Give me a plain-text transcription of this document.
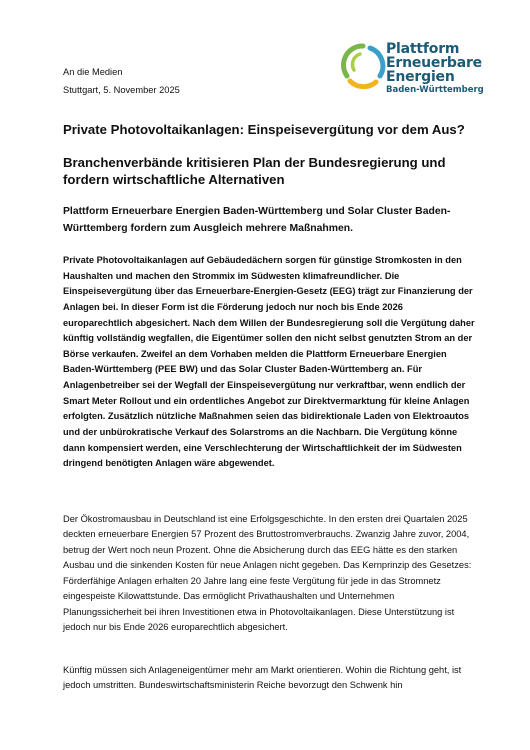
Plattform
Erneuerbare
Energien
Baden-Württemberg
An die Medien
Stuttgart, 5. November 2025
Private Photovoltaikanlagen: Einspeisevergütung vor dem Aus?
Branchenverbände kritisieren Plan der Bundesregierung und fordern wirtschaftliche Alternativen

Plattform Erneuerbare Energien Baden-Württemberg und Solar Cluster Baden-Württemberg fordern zum Ausgleich mehrere Maßnahmen.

Private Photovoltaikanlagen auf Gebäudedächern sorgen für günstige Stromkosten in den Haushalten und machen den Strommix im Südwesten klimafreundlicher. Die Einspeisevergütung über das Erneuerbare-Energien-Gesetz (EEG) trägt zur Finanzierung der Anlagen bei. In dieser Form ist die Förderung jedoch nur noch bis Ende 2026 europarechtlich abgesichert. Nach dem Willen der Bundesregierung soll die Vergütung daher künftig vollständig wegfallen, die Eigentümer sollen den nicht selbst genutzten Strom an der Börse verkaufen. Zweifel an dem Vorhaben melden die Plattform Erneuerbare Energien Baden-Württemberg (PEE BW) und das Solar Cluster Baden-Württemberg an. Für Anlagenbetreiber sei der Wegfall der Einspeisevergütung nur verkraftbar, wenn endlich der Smart Meter Rollout und ein ordentliches Angebot zur Direktvermarktung für kleine Anlagen erfolgten. Zusätzlich nützliche Maßnahmen seien das bidirektionale Laden von Elektroautos und der unbürokratische Verkauf des Solarstroms an die Nachbarn. Die Vergütung könne dann kompensiert werden, eine Verschlechterung der Wirtschaftlichkeit der im Südwesten dringend benötigten Anlagen wäre abgewendet.

Der Ökostromausbau in Deutschland ist eine Erfolgsgeschichte. In den ersten drei Quartalen 2025 deckten erneuerbare Energien 57 Prozent des Bruttostromverbrauchs. Zwanzig Jahre zuvor, 2004, betrug der Wert noch neun Prozent. Ohne die Absicherung durch das EEG hätte es den starken Ausbau und die sinkenden Kosten für neue Anlagen nicht gegeben. Das Kernprinzip des Gesetzes: Förderfähige Anlagen erhalten 20 Jahre lang eine feste Vergütung für jede in das Stromnetz eingespeiste Kilowattstunde. Das ermöglicht Privathaushalten und Unternehmen Planungssicherheit bei ihren Investitionen etwa in Photovoltaikanlagen. Diese Unterstützung ist jedoch nur bis Ende 2026 europarechtlich abgesichert.

Künftig müssen sich Anlageneigentümer mehr am Markt orientieren. Wohin die Richtung geht, ist jedoch umstritten. Bundeswirtschaftsministerin Reiche bevorzugt den Schwenk hin
